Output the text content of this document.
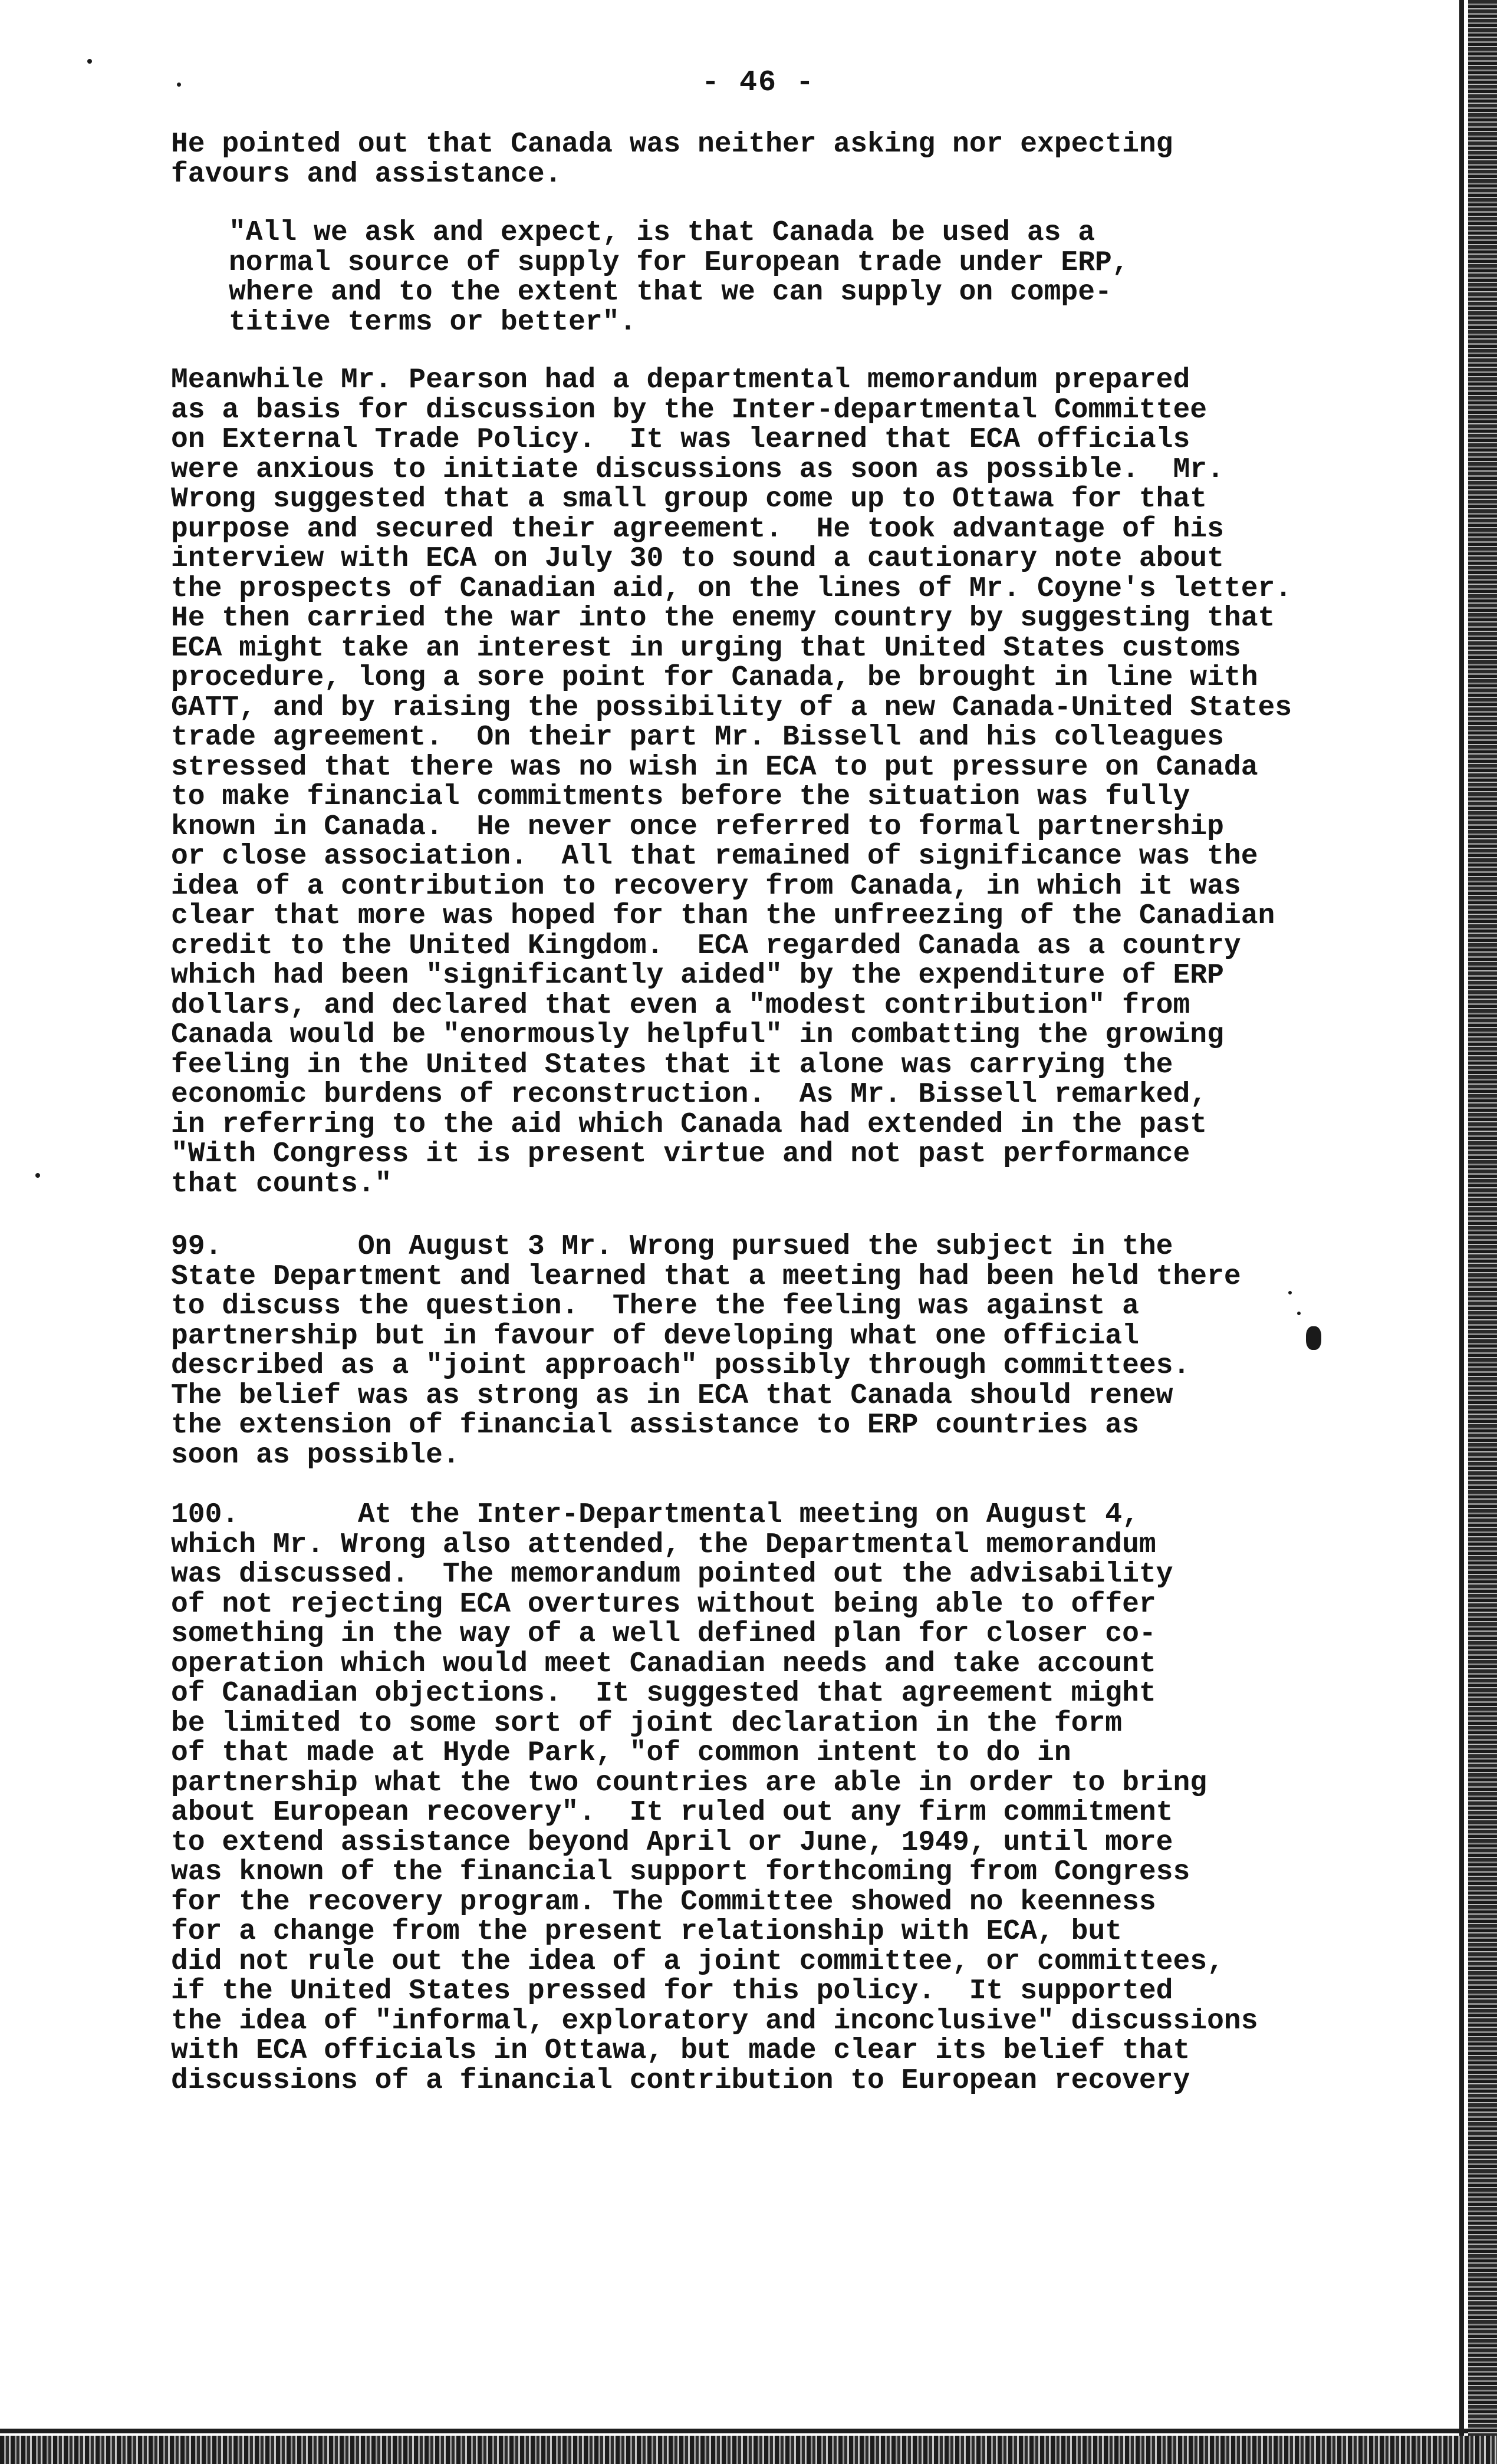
- 46 -

He pointed out that Canada was neither asking nor expecting
favours and assistance.

"All we ask and expect, is that Canada be used as a
normal source of supply for European trade under ERP,
where and to the extent that we can supply on compe-
titive terms or better".

Meanwhile Mr. Pearson had a departmental memorandum prepared
as a basis for discussion by the Inter-departmental Committee
on External Trade Policy.  It was learned that ECA officials
were anxious to initiate discussions as soon as possible.  Mr.
Wrong suggested that a small group come up to Ottawa for that
purpose and secured their agreement.  He took advantage of his
interview with ECA on July 30 to sound a cautionary note about
the prospects of Canadian aid, on the lines of Mr. Coyne's letter.
He then carried the war into the enemy country by suggesting that
ECA might take an interest in urging that United States customs
procedure, long a sore point for Canada, be brought in line with
GATT, and by raising the possibility of a new Canada-United States
trade agreement.  On their part Mr. Bissell and his colleagues
stressed that there was no wish in ECA to put pressure on Canada
to make financial commitments before the situation was fully
known in Canada.  He never once referred to formal partnership
or close association.  All that remained of significance was the
idea of a contribution to recovery from Canada, in which it was
clear that more was hoped for than the unfreezing of the Canadian
credit to the United Kingdom.  ECA regarded Canada as a country
which had been "significantly aided" by the expenditure of ERP
dollars, and declared that even a "modest contribution" from
Canada would be "enormously helpful" in combatting the growing
feeling in the United States that it alone was carrying the
economic burdens of reconstruction.  As Mr. Bissell remarked,
in referring to the aid which Canada had extended in the past
"With Congress it is present virtue and not past performance
that counts."

99.        On August 3 Mr. Wrong pursued the subject in the
State Department and learned that a meeting had been held there
to discuss the question.  There the feeling was against a
partnership but in favour of developing what one official
described as a "joint approach" possibly through committees.
The belief was as strong as in ECA that Canada should renew
the extension of financial assistance to ERP countries as
soon as possible.

100.       At the Inter-Departmental meeting on August 4,
which Mr. Wrong also attended, the Departmental memorandum
was discussed.  The memorandum pointed out the advisability
of not rejecting ECA overtures without being able to offer
something in the way of a well defined plan for closer co-
operation which would meet Canadian needs and take account
of Canadian objections.  It suggested that agreement might
be limited to some sort of joint declaration in the form
of that made at Hyde Park, "of common intent to do in
partnership what the two countries are able in order to bring
about European recovery".  It ruled out any firm commitment
to extend assistance beyond April or June, 1949, until more
was known of the financial support forthcoming from Congress
for the recovery program. The Committee showed no keenness
for a change from the present relationship with ECA, but
did not rule out the idea of a joint committee, or committees,
if the United States pressed for this policy.  It supported
the idea of "informal, exploratory and inconclusive" discussions
with ECA officials in Ottawa, but made clear its belief that
discussions of a financial contribution to European recovery
